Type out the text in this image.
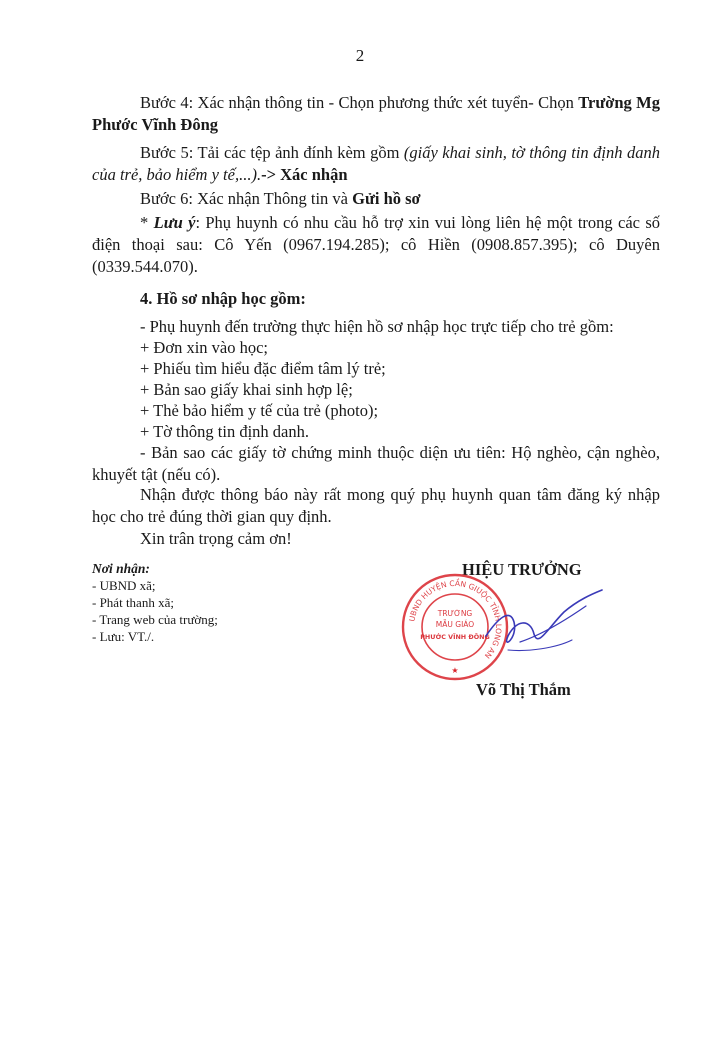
2
Bước 4: Xác nhận thông tin - Chọn phương thức xét tuyển- Chọn Trường Mg Phước Vĩnh Đông
Bước 5: Tải các tệp ảnh đính kèm gồm (giấy khai sinh, tờ thông tin định danh của trẻ, bảo hiểm y tế,...).-> Xác nhận
Bước 6: Xác nhận Thông tin và Gửi hồ sơ
* Lưu ý: Phụ huynh có nhu cầu hỗ trợ xin vui lòng liên hệ một trong các số điện thoại sau: Cô Yến (0967.194.285); cô Hiền (0908.857.395); cô Duyên (0339.544.070).
4. Hồ sơ nhập học gồm:
- Phụ huynh đến trường thực hiện hồ sơ nhập học trực tiếp cho trẻ gồm:
+ Đơn xin vào học;
+ Phiếu tìm hiểu đặc điểm tâm lý trẻ;
+ Bản sao giấy khai sinh hợp lệ;
+ Thẻ bảo hiểm y tế của trẻ (photo);
+ Tờ thông tin định danh.
- Bản sao các giấy tờ chứng minh thuộc diện ưu tiên: Hộ nghèo, cận nghèo, khuyết tật (nếu có).
Nhận được thông báo này rất mong quý phụ huynh quan tâm đăng ký nhập học cho trẻ đúng thời gian quy định.
Xin trân trọng cảm ơn!
Nơi nhận:
- UBND xã;
- Phát thanh xã;
- Trang web của trường;
- Lưu: VT./.
HIỆU TRƯỞNG
UBND HUYỆN CẦN GIUỘC TỈNH LONG AN
TRƯỜNG
MẪU GIÁO
PHƯỚC VĨNH ĐÔNG
★
Võ Thị Thắm
